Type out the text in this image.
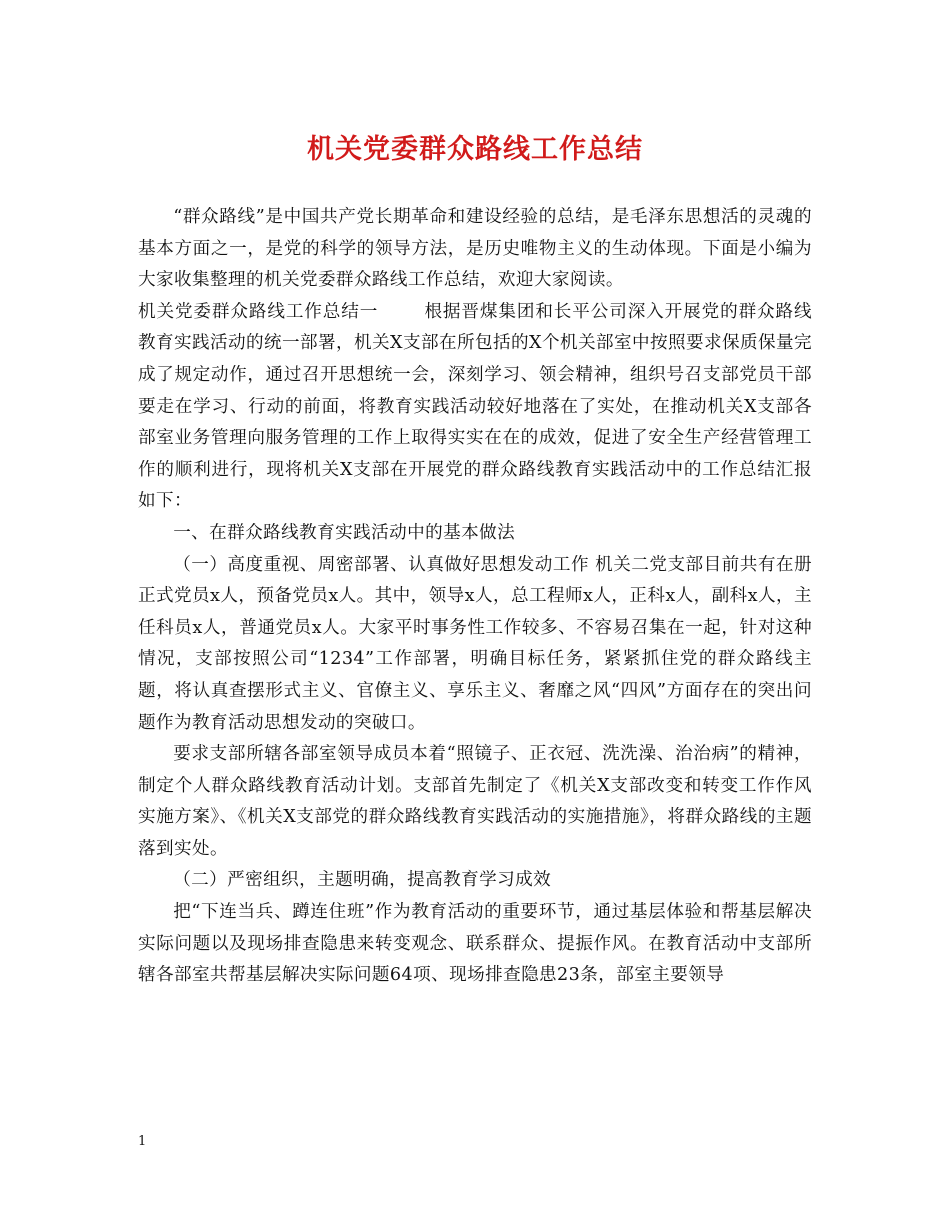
机关党委群众路线工作总结

“群众路线”是中国共产党长期革命和建设经验的总结，是毛泽东思想活的灵魂的基本方面之一，是党的科学的领导方法，是历史唯物主义的生动体现。下面是小编为大家收集整理的机关党委群众路线工作总结，欢迎大家阅读。

机关党委群众路线工作总结一	根据晋煤集团和长平公司深入开展党的群众路线教育实践活动的统一部署，机关X支部在所包括的X个机关部室中按照要求保质保量完成了规定动作，通过召开思想统一会，深刻学习、领会精神，组织号召支部党员干部要走在学习、行动的前面，将教育实践活动较好地落在了实处，在推动机关X支部各部室业务管理向服务管理的工作上取得实实在在的成效，促进了安全生产经营管理工作的顺利进行，现将机关X支部在开展党的群众路线教育实践活动中的工作总结汇报如下：

一、在群众路线教育实践活动中的基本做法

（一）高度重视、周密部署、认真做好思想发动工作 机关二党支部目前共有在册正式党员x人，预备党员x人。其中，领导x人，总工程师x人，正科x人，副科x人，主任科员x人，普通党员x人。大家平时事务性工作较多、不容易召集在一起，针对这种情况，支部按照公司“1234”工作部署，明确目标任务，紧紧抓住党的群众路线主题，将认真查摆形式主义、官僚主义、享乐主义、奢靡之风“四风”方面存在的突出问题作为教育活动思想发动的突破口。

要求支部所辖各部室领导成员本着“照镜子、正衣冠、洗洗澡、治治病”的精神，制定个人群众路线教育活动计划。支部首先制定了《机关X支部改变和转变工作作风实施方案》、《机关X支部党的群众路线教育实践活动的实施措施》，将群众路线的主题落到实处。

（二）严密组织，主题明确，提高教育学习成效

把“下连当兵、蹲连住班”作为教育活动的重要环节，通过基层体验和帮基层解决实际问题以及现场排查隐患来转变观念、联系群众、提振作风。在教育活动中支部所辖各部室共帮基层解决实际问题64项、现场排查隐患23条，部室主要领导

1
